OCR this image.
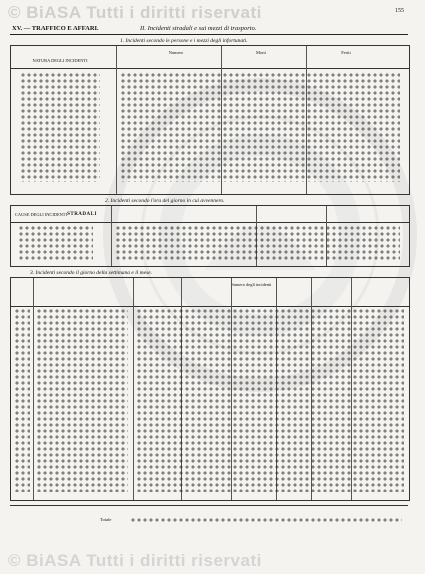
© BiASA Tutti i diritti riservati	155
XV. — TRAFFICO E AFFARI.	II. Incidenti stradali e sui mezzi di trasporto.
1. Incidenti secondo le persone e i mezzi degli infortunati.
NATURA DEGLI INCIDENTI
Numero	Morti	Feriti
2. Incidenti secondo l'ora del giorno in cui avvennero.
CAUSE DEGLI INCIDENTI STRADALI
3. Incidenti secondo il giorno della settimana e il mese.
Numero degli incidenti
Totale
© BiASA Tutti i diritti riservati
